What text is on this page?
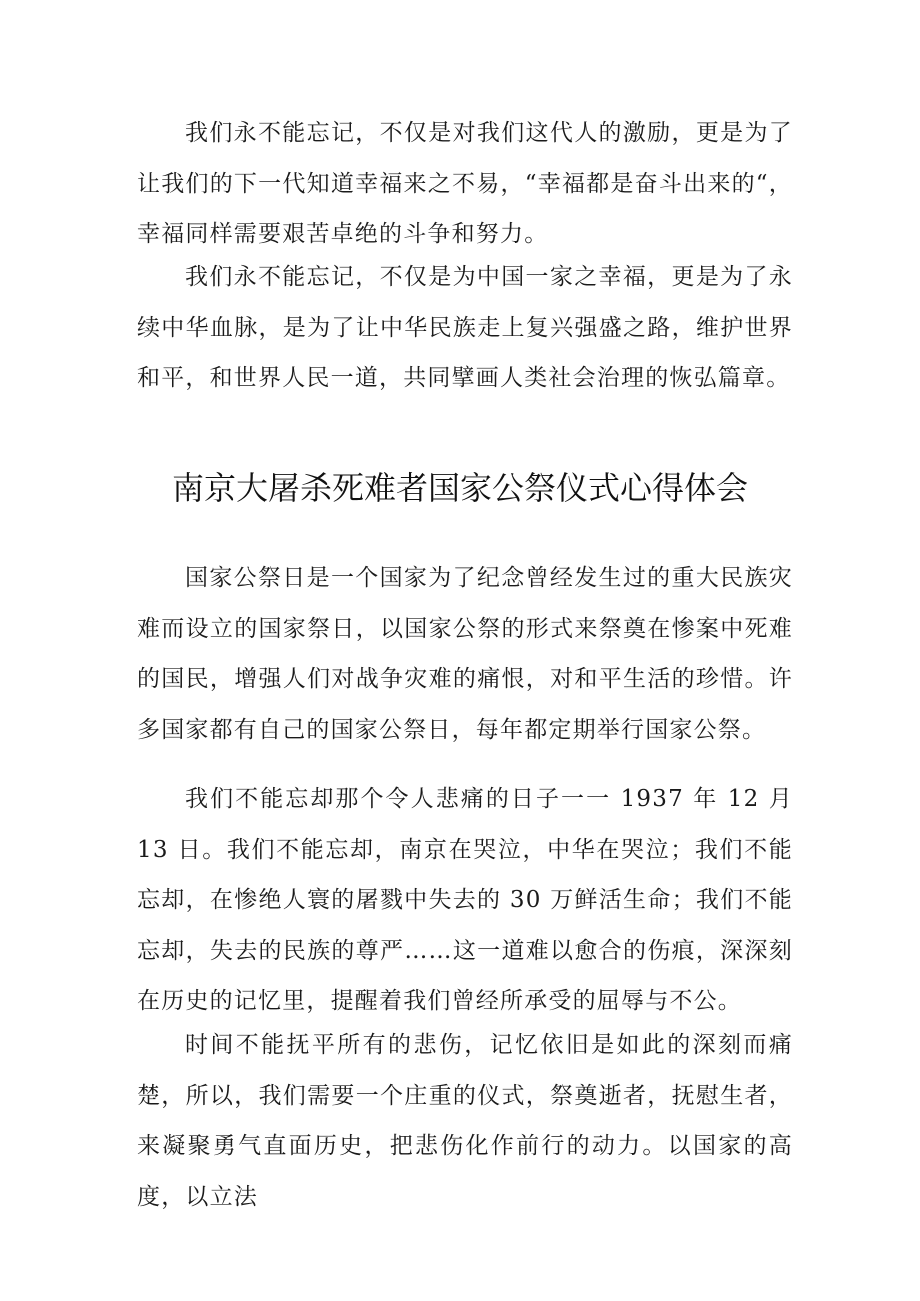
我们永不能忘记，不仅是对我们这代人的激励，更是为了让我们的下一代知道幸福来之不易，“幸福都是奋斗出来的“，幸福同样需要艰苦卓绝的斗争和努力。

我们永不能忘记，不仅是为中国一家之幸福，更是为了永续中华血脉，是为了让中华民族走上复兴强盛之路，维护世界和平，和世界人民一道，共同擘画人类社会治理的恢弘篇章。

南京大屠杀死难者国家公祭仪式心得体会

国家公祭日是一个国家为了纪念曾经发生过的重大民族灾难而设立的国家祭日，以国家公祭的形式来祭奠在惨案中死难的国民，增强人们对战争灾难的痛恨，对和平生活的珍惜。许多国家都有自己的国家公祭日，每年都定期举行国家公祭。

我们不能忘却那个令人悲痛的日子一一 1937 年 12 月 13 日。我们不能忘却，南京在哭泣，中华在哭泣；我们不能忘却，在惨绝人寰的屠戮中失去的 30 万鲜活生命；我们不能忘却，失去的民族的尊严……这一道难以愈合的伤痕，深深刻在历史的记忆里，提醒着我们曾经所承受的屈辱与不公。

时间不能抚平所有的悲伤，记忆依旧是如此的深刻而痛楚，所以，我们需要一个庄重的仪式，祭奠逝者，抚慰生者，来凝聚勇气直面历史，把悲伤化作前行的动力。以国家的高度，以立法
